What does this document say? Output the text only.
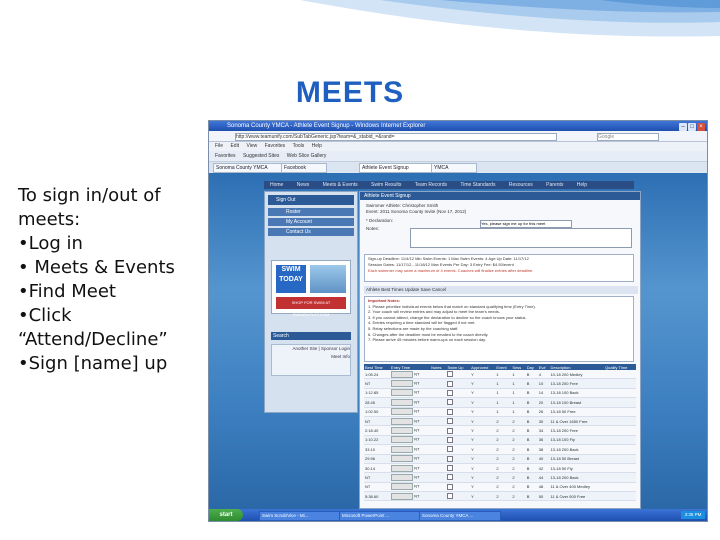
MEETS
To sign in/out of
meets:
•Log in
• Meets & Events
•Find Meet
•Click
“Attend/Decline”
•Sign [name] up
Sonoma County YMCA - Athlete Event Signup - Windows Internet Explorer	– □ ×
http://www.teamunify.com/SubTabGeneric.jsp?team=&_stabid_=&rand=	Google
File Edit View Favorites Tools Help
Favorites Suggested Sites Web Slice Gallery
Sonoma County YMCA	Facebook	Athlete Event Signup	YMCA
Home	News	Meets & Events	Swim Results	Team Records	Time Standards	Resources	Parents	Help
Sign Out
Roster
My Account
Contact Us
SWIM TODAY
SHOP FOR SWIM AT SWIMOUTLET.COM
Search
Another Site | Sponsor Login
Meet Info
Athlete Event Signup
Swimmer Athlete: Christopher Smith
Event: 2011 Sonoma County Invite (Nov 17, 2012)
* Declaration:
Yes, please sign me up for this meet
Notes:
Sign-up Deadline: 11/4/12 Min Swim Events: 1 Max Swim Events: 4 Age Up Date: 11/17/12
Session Dates: 11/17/12 - 11/18/12 Max Events Per Day: 3 Entry Fee: $4.50/event
Each swimmer may swim a maximum of 4 events. Coaches will finalize entries after deadline.
Athlete Best Times Update Save Cancel
Important Notes:
1. Please prioritize individual events below that match on standard qualifying time (Entry Time).
2. Your coach will review entries and may adjust to meet the team's needs.
3. If you cannot attend, change the declaration to decline so the coach knows your status.
4. Entries requiring a time standard will be flagged if not met.
5. Relay selections are made by the coaching staff.
6. Changes after the deadline must be emailed to the coach directly.
7. Please arrive 45 minutes before warm-ups on each session day.
Best Time	Entry Time	Notes	Swim Up	Approved	Event	Sess	Day	Ev#	Description	Qualify Time
1:05.24	NT			Y	1	1	B	4	10-18 200 Medley	
NT	NT			Y	1	1	B	10	13-18 200 Free	
1:12.85	NT			Y	1	1	B	14	13-18 100 Back	
28.45	NT			Y	1	1	B	20	13-18 100 Breast	
1:02.50	NT			Y	1	1	B	26	13-18 50 Free	
NT	NT			Y	2	2	B	30	11 & Over 1650 Free	
2:18.40	NT			Y	2	2	B	34	13-18 200 Free	
1:10.22	NT			Y	2	2	B	36	13-18 100 Fly	
33.10	NT			Y	2	2	B	38	13-18 200 Back	
29.96	NT			Y	2	2	B	40	13-18 50 Breast	
30.14	NT			Y	2	2	B	42	13-18 50 Fly	
NT	NT			Y	2	2	B	44	13-18 200 Back	
NT	NT			Y	2	2	B	48	11 & Over 400 Medley	
5:38.60	NT			Y	2	2	B	50	11 & Over 500 Free	
start	Swim Scrub/Vice - Mi...	Microsoft PowerPoint ...	Sonoma County YMCA ...	3:35 PM
